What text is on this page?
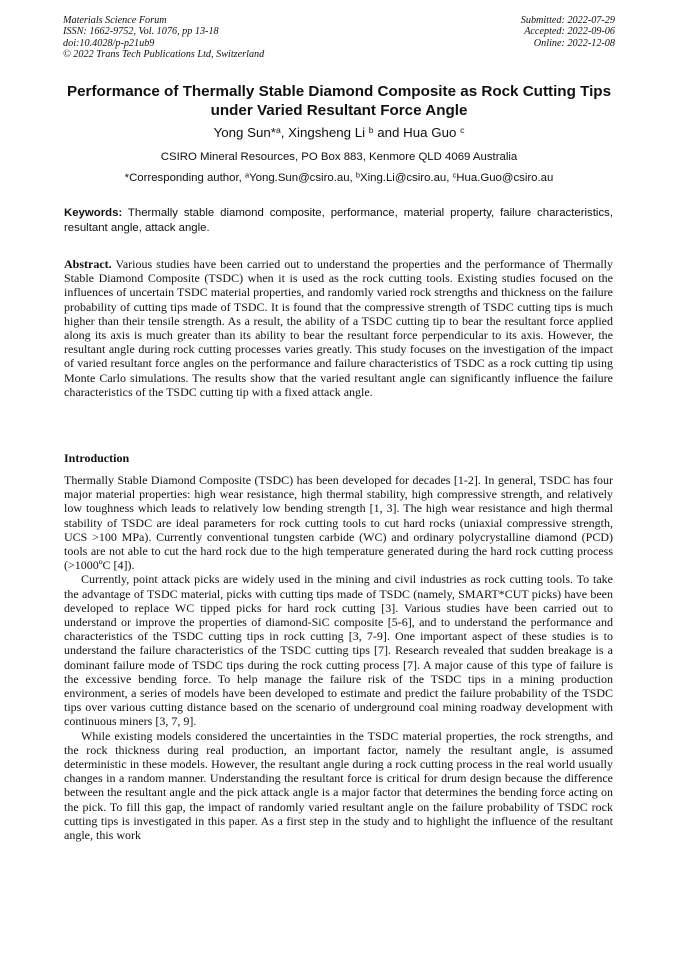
Materials Science Forum
ISSN: 1662-9752, Vol. 1076, pp 13-18
doi:10.4028/p-p21ub9
© 2022 Trans Tech Publications Ltd, Switzerland
Submitted: 2022-07-29
Accepted: 2022-09-06
Online: 2022-12-08
Performance of Thermally Stable Diamond Composite as Rock Cutting Tips under Varied Resultant Force Angle
Yong Sun*$^a$, Xingsheng Li $^b$ and Hua Guo $^c$
CSIRO Mineral Resources, PO Box 883, Kenmore QLD 4069 Australia
*Corresponding author, $^a$Yong.Sun@csiro.au, $^b$Xing.Li@csiro.au, $^c$Hua.Guo@csiro.au
Keywords: Thermally stable diamond composite, performance, material property, failure characteristics, resultant angle, attack angle.

Abstract. Various studies have been carried out to understand the properties and the performance of Thermally Stable Diamond Composite (TSDC) when it is used as the rock cutting tools. Existing studies focused on the influences of uncertain TSDC material properties, and randomly varied rock strengths and thickness on the failure probability of cutting tips made of TSDC. It is found that the compressive strength of TSDC cutting tips is much higher than their tensile strength. As a result, the ability of a TSDC cutting tip to bear the resultant force applied along its axis is much greater than its ability to bear the resultant force perpendicular to its axis. However, the resultant angle during rock cutting processes varies greatly. This study focuses on the investigation of the impact of varied resultant force angles on the performance and failure characteristics of TSDC as a rock cutting tip using Monte Carlo simulations. The results show that the varied resultant angle can significantly influence the failure characteristics of the TSDC cutting tip with a fixed attack angle.

Introduction

Thermally Stable Diamond Composite (TSDC) has been developed for decades [1-2]. In general, TSDC has four major material properties: high wear resistance, high thermal stability, high compressive strength, and relatively low toughness which leads to relatively low bending strength [1, 3]. The high wear resistance and high thermal stability of TSDC are ideal parameters for rock cutting tools to cut hard rocks (uniaxial compressive strength, UCS >100 MPa). Currently conventional tungsten carbide (WC) and ordinary polycrystalline diamond (PCD) tools are not able to cut the hard rock due to the high temperature generated during the hard rock cutting process (>1000ºC [4]).

Currently, point attack picks are widely used in the mining and civil industries as rock cutting tools. To take the advantage of TSDC material, picks with cutting tips made of TSDC (namely, SMART*CUT picks) have been developed to replace WC tipped picks for hard rock cutting [3]. Various studies have been carried out to understand or improve the properties of diamond-SiC composite [5-6], and to understand the performance and characteristics of the TSDC cutting tips in rock cutting [3, 7-9]. One important aspect of these studies is to understand the failure characteristics of the TSDC cutting tips [7]. Research revealed that sudden breakage is a dominant failure mode of TSDC tips during the rock cutting process [7]. A major cause of this type of failure is the excessive bending force. To help manage the failure risk of the TSDC tips in a mining production environment, a series of models have been developed to estimate and predict the failure probability of the TSDC tips over various cutting distance based on the scenario of underground coal mining roadway development with continuous miners [3, 7, 9].

While existing models considered the uncertainties in the TSDC material properties, the rock strengths, and the rock thickness during real production, an important factor, namely the resultant angle, is assumed deterministic in these models. However, the resultant angle during a rock cutting process in the real world usually changes in a random manner. Understanding the resultant force is critical for drum design because the difference between the resultant angle and the pick attack angle is a major factor that determines the bending force acting on the pick. To fill this gap, the impact of randomly varied resultant angle on the failure probability of TSDC rock cutting tips is investigated in this paper. As a first step in the study and to highlight the influence of the resultant angle, this work
